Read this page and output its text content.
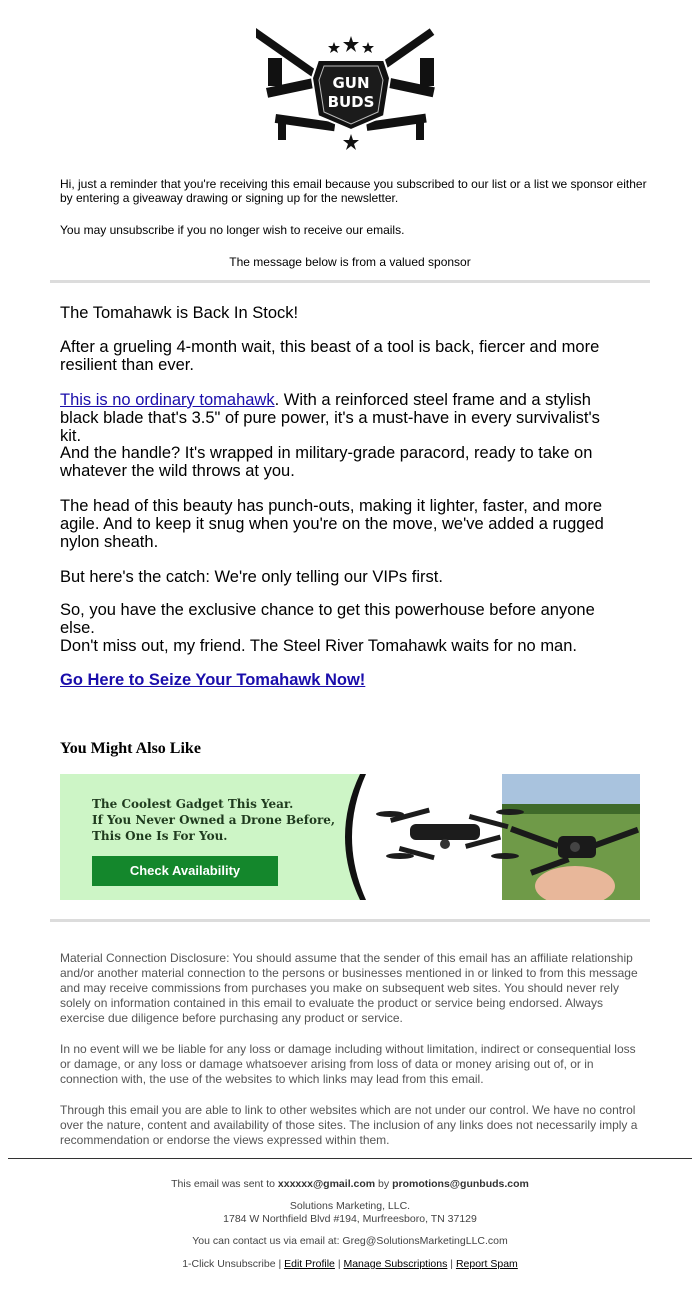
GUN
BUDS
Hi, just a reminder that you're receiving this email because you subscribed to our list or a list we sponsor either by entering a giveaway drawing or signing up for the newsletter.
You may unsubscribe if you no longer wish to receive our emails.
The message below is from a valued sponsor
The Tomahawk is Back In Stock!
After a grueling 4-month wait, this beast of a tool is back, fiercer and more resilient than ever.
This is no ordinary tomahawk. With a reinforced steel frame and a stylish black blade that's 3.5" of pure power, it's a must-have in every survivalist's kit.
And the handle? It's wrapped in military-grade paracord, ready to take on whatever the wild throws at you.
The head of this beauty has punch-outs, making it lighter, faster, and more agile. And to keep it snug when you're on the move, we've added a rugged nylon sheath.
But here's the catch: We're only telling our VIPs first.
So, you have the exclusive chance to get this powerhouse before anyone else.
Don't miss out, my friend. The Steel River Tomahawk waits for no man.
Go Here to Seize Your Tomahawk Now!
You Might Also Like
The Coolest Gadget This Year.
If You Never Owned a Drone Before,
This One Is For You.
Check Availability
Material Connection Disclosure: You should assume that the sender of this email has an affiliate relationship and/or another material connection to the persons or businesses mentioned in or linked to from this message and may receive commissions from purchases you make on subsequent web sites. You should never rely solely on information contained in this email to evaluate the product or service being endorsed. Always exercise due diligence before purchasing any product or service.
In no event will we be liable for any loss or damage including without limitation, indirect or consequential loss or damage, or any loss or damage whatsoever arising from loss of data or money arising out of, or in connection with, the use of the websites to which links may lead from this email.
Through this email you are able to link to other websites which are not under our control. We have no control over the nature, content and availability of those sites. The inclusion of any links does not necessarily imply a recommendation or endorse the views expressed within them.
This email was sent to xxxxxx@gmail.com by promotions@gunbuds.com
Solutions Marketing, LLC.
1784 W Northfield Blvd #194, Murfreesboro, TN 37129
You can contact us via email at: Greg@SolutionsMarketingLLC.com
1-Click Unsubscribe | Edit Profile | Manage Subscriptions | Report Spam
